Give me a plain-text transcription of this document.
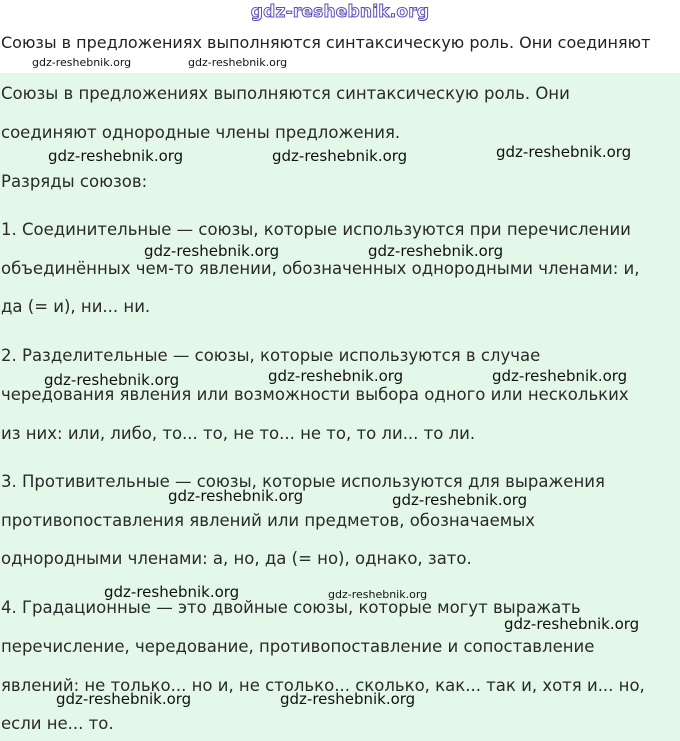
gdz-reshebnik.org
Союзы в предложениях выполняются синтаксическую роль. Они соединяют
gdz-reshebnik.org	gdz-reshebnik.org
Союзы в предложениях выполняются синтаксическую роль. Они
соединяют однородные члены предложения.
Разряды союзов:
1. Соединительные — союзы, которые используются при перечислении
объединённых чем-то явлении, обозначенных однородными членами: и,
да (= и), ни... ни.
2. Разделительные — союзы, которые используются в случае
чередования явления или возможности выбора одного или нескольких
из них: или, либо, то... то, не то... не то, то ли... то ли.
3. Противительные — союзы, которые используются для выражения
противопоставления явлений или предметов, обозначаемых
однородными членами: а, но, да (= но), однако, зато.
4. Градационные — это двойные союзы, которые могут выражать
перечисление, чередование, противопоставление и сопоставление
явлений: не только... но и, не столько... сколько, как... так и, хотя и... но,
если не... то.
gdz-reshebnik.org	gdz-reshebnik.org	gdz-reshebnik.org
gdz-reshebnik.org	gdz-reshebnik.org
gdz-reshebnik.org	gdz-reshebnik.org	gdz-reshebnik.org
gdz-reshebnik.org	gdz-reshebnik.org
gdz-reshebnik.org	gdz-reshebnik.org
gdz-reshebnik.org
gdz-reshebnik.org	gdz-reshebnik.org
